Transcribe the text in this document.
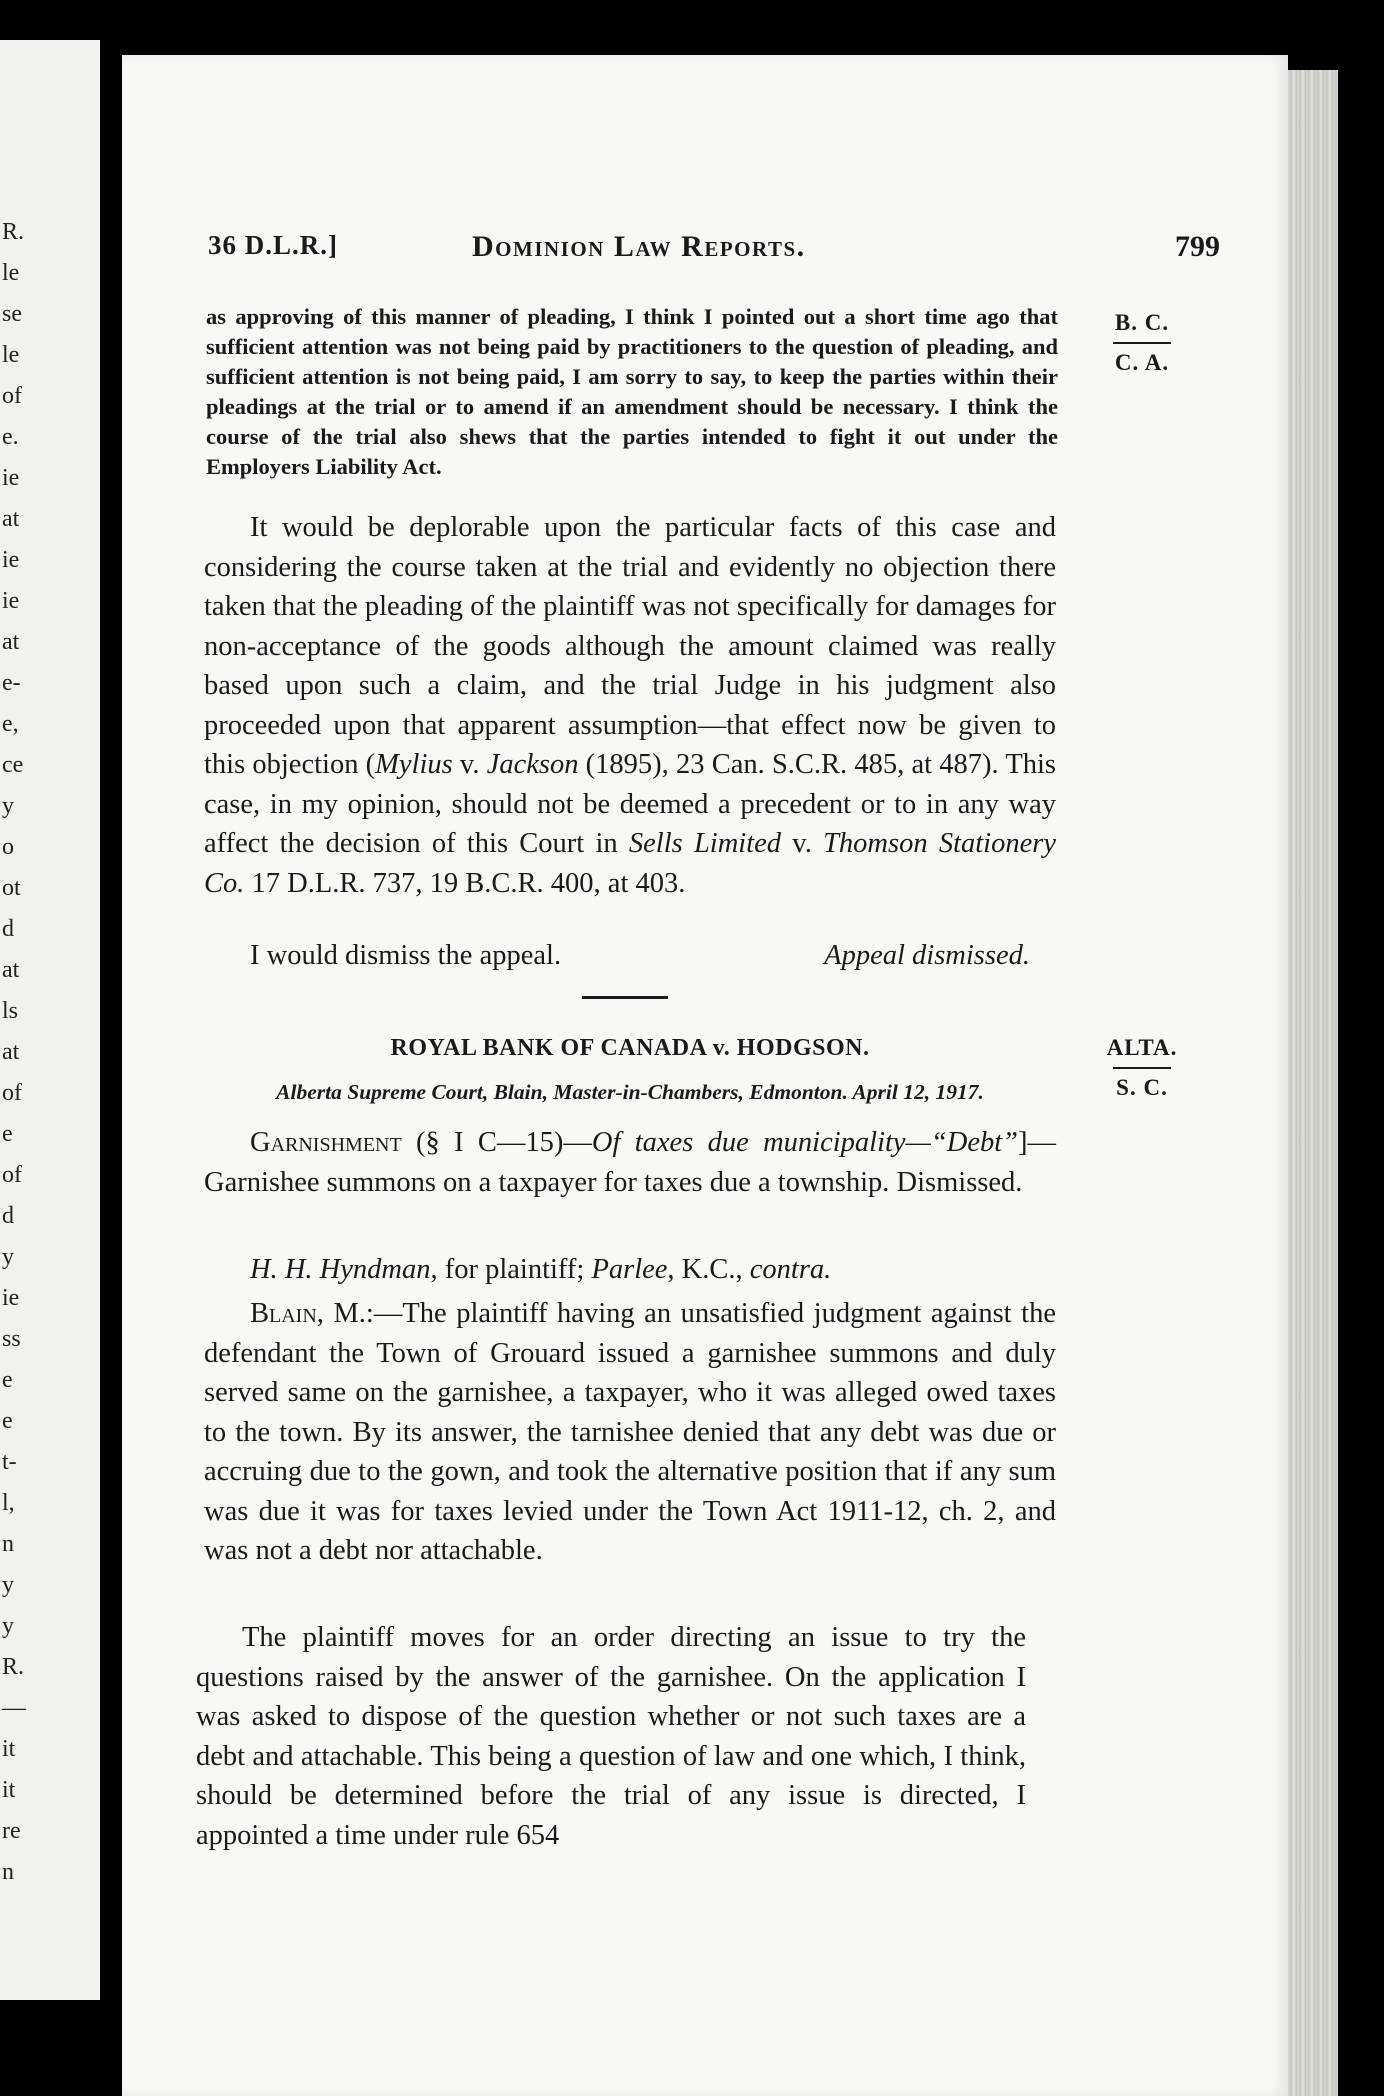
R.
le
se
le
of
e.
ie
at
ie
ie
at
e-
e,
ce
y
o
ot
d
at
ls
at
of
e
of
d
y
ie
ss
e
e
t-
l,
n
y
y
R.
—
it
it
re
n
36 D.L.R.]	Dominion Law Reports.	799
B. C.
C. A.
as approving of this manner of pleading, I think I pointed out a short time ago that sufficient attention was not being paid by practitioners to the question of pleading, and sufficient attention is not being paid, I am sorry to say, to keep the parties within their pleadings at the trial or to amend if an amendment should be necessary. I think the course of the trial also shews that the parties intended to fight it out under the Employers Liability Act.
It would be deplorable upon the particular facts of this case and considering the course taken at the trial and evidently no objection there taken that the pleading of the plaintiff was not specifically for damages for non-acceptance of the goods although the amount claimed was really based upon such a claim, and the trial Judge in his judgment also proceeded upon that apparent assumption—that effect now be given to this objection (Mylius v. Jackson (1895), 23 Can. S.C.R. 485, at 487). This case, in my opinion, should not be deemed a precedent or to in any way affect the decision of this Court in Sells Limited v. Thomson Stationery Co. 17 D.L.R. 737, 19 B.C.R. 400, at 403.
I would dismiss the appeal.	Appeal dismissed.
ROYAL BANK OF CANADA v. HODGSON.	ALTA.
S. C.
Alberta Supreme Court, Blain, Master-in-Chambers, Edmonton. April 12, 1917.
Garnishment (§ I C—15)—Of taxes due municipality—“Debt”]—Garnishee summons on a taxpayer for taxes due a township. Dismissed.
H. H. Hyndman, for plaintiff; Parlee, K.C., contra.
Blain, M.:—The plaintiff having an unsatisfied judgment against the defendant the Town of Grouard issued a garnishee summons and duly served same on the garnishee, a taxpayer, who it was alleged owed taxes to the town. By its answer, the tarnishee denied that any debt was due or accruing due to the gown, and took the alternative position that if any sum was due it was for taxes levied under the Town Act 1911-12, ch. 2, and was not a debt nor attachable.
The plaintiff moves for an order directing an issue to try the questions raised by the answer of the garnishee. On the application I was asked to dispose of the question whether or not such taxes are a debt and attachable. This being a question of law and one which, I think, should be determined before the trial of any issue is directed, I appointed a time under rule 654
